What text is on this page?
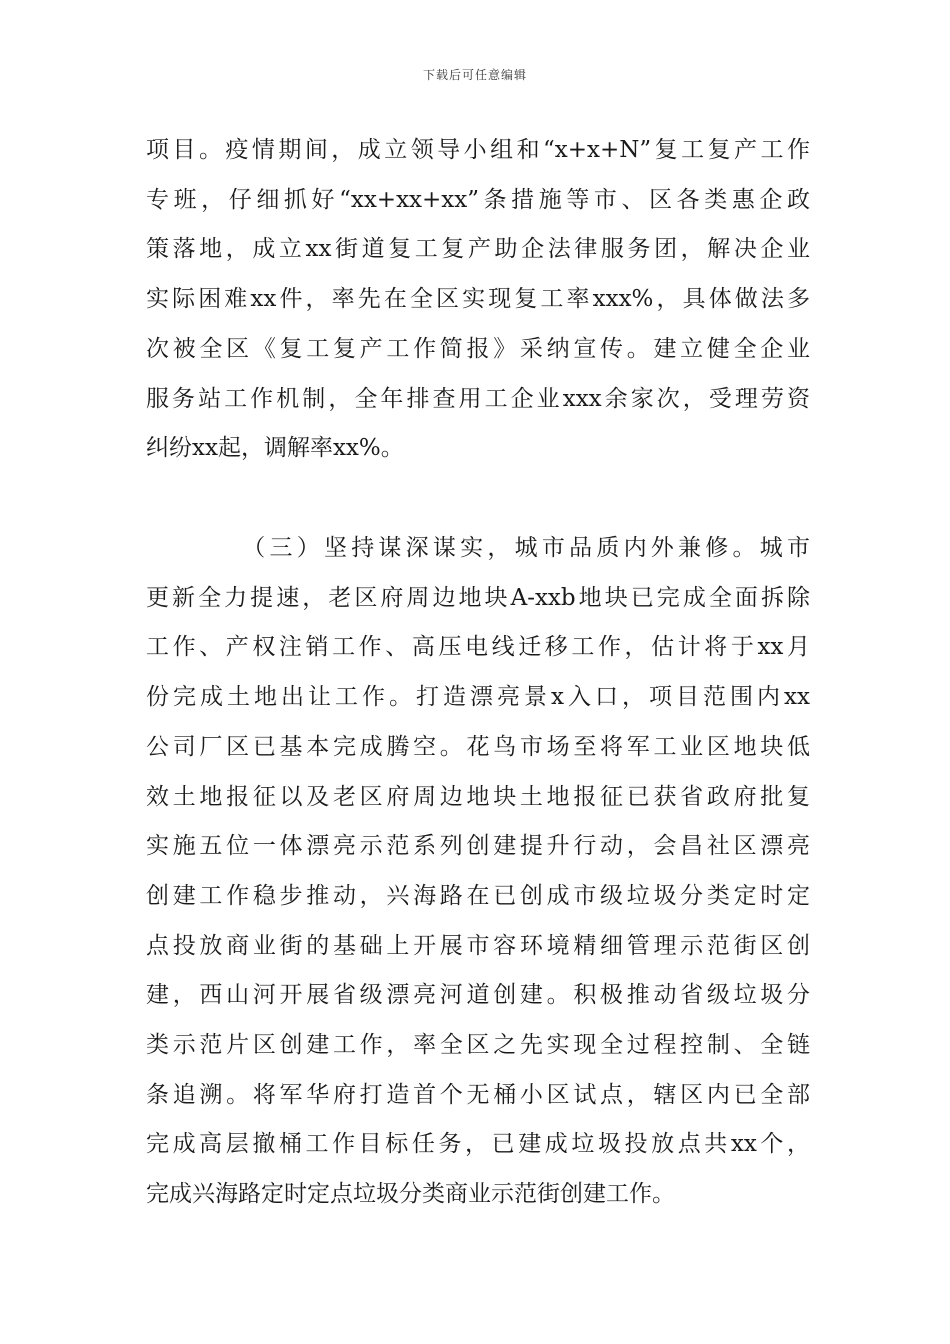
下载后可任意编辑

项目。疫情期间，成立领导小组和“x+x+N”复工复产工作
专班，仔细抓好“xx+xx+xx”条措施等市、区各类惠企政
策落地，成立xx街道复工复产助企法律服务团，解决企业
实际困难xx件，率先在全区实现复工率xxx%，具体做法多
次被全区《复工复产工作简报》采纳宣传。建立健全企业
服务站工作机制，全年排查用工企业xxx余家次，受理劳资
纠纷xx起，调解率xx%。

（三）坚持谋深谋实，城市品质内外兼修。城市
更新全力提速，老区府周边地块A-xxb地块已完成全面拆除
工作、产权注销工作、高压电线迁移工作，估计将于xx月
份完成土地出让工作。打造漂亮景x入口，项目范围内xx
公司厂区已基本完成腾空。花鸟市场至将军工业区地块低
效土地报征以及老区府周边地块土地报征已获省政府批复
实施五位一体漂亮示范系列创建提升行动，会昌社区漂亮
创建工作稳步推动，兴海路在已创成市级垃圾分类定时定
点投放商业街的基础上开展市容环境精细管理示范街区创
建，西山河开展省级漂亮河道创建。积极推动省级垃圾分
类示范片区创建工作，率全区之先实现全过程控制、全链
条追溯。将军华府打造首个无桶小区试点，辖区内已全部
完成高层撤桶工作目标任务，已建成垃圾投放点共xx个，
完成兴海路定时定点垃圾分类商业示范街创建工作。
